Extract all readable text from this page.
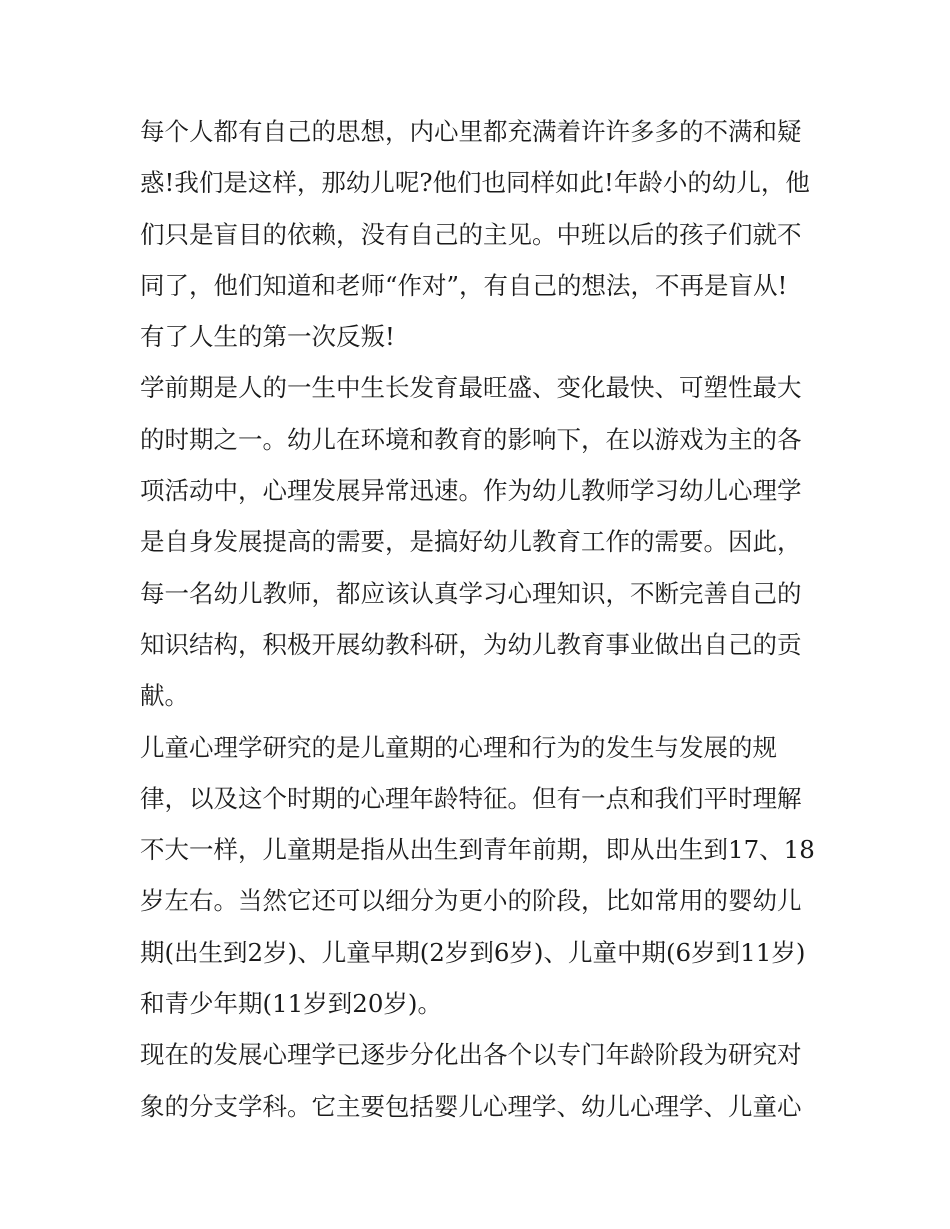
每个人都有自己的思想，内心里都充满着许许多多的不满和疑惑!我们是这样，那幼儿呢?他们也同样如此!年龄小的幼儿，他们只是盲目的依赖，没有自己的主见。中班以后的孩子们就不同了，他们知道和老师“作对”，有自己的想法，不再是盲从!

有了人生的第一次反叛!

学前期是人的一生中生长发育最旺盛、变化最快、可塑性最大的时期之一。幼儿在环境和教育的影响下，在以游戏为主的各项活动中，心理发展异常迅速。作为幼儿教师学习幼儿心理学是自身发展提高的需要，是搞好幼儿教育工作的需要。因此，每一名幼儿教师，都应该认真学习心理知识，不断完善自己的知识结构，积极开展幼教科研，为幼儿教育事业做出自己的贡献。

儿童心理学研究的是儿童期的心理和行为的发生与发展的规律，以及这个时期的心理年龄特征。但有一点和我们平时理解不大一样，儿童期是指从出生到青年前期，即从出生到17、18岁左右。当然它还可以细分为更小的阶段，比如常用的婴幼儿期(出生到2岁)、儿童早期(2岁到6岁)、儿童中期(6岁到11岁)和青少年期(11岁到20岁)。

现在的发展心理学已逐步分化出各个以专门年龄阶段为研究对象的分支学科。它主要包括婴儿心理学、幼儿心理学、儿童心
